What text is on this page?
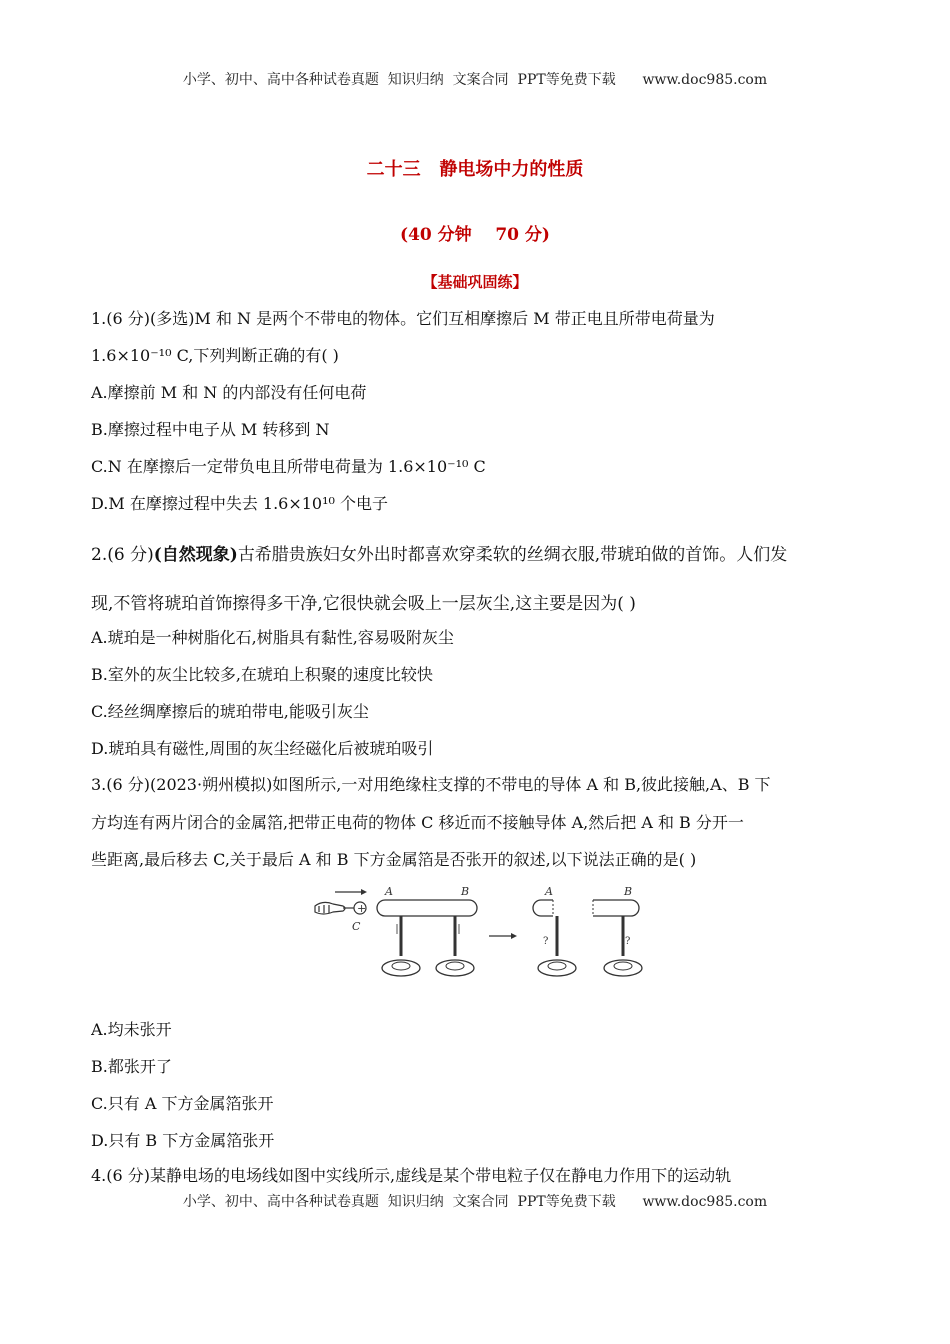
小学、初中、高中各种试卷真题  知识归纳  文案合同  PPT等免费下载      www.doc985.com
二十三   静电场中力的性质
(40 分钟    70 分)
【基础巩固练】
1.(6 分)(多选)M 和 N 是两个不带电的物体。它们互相摩擦后 M 带正电且所带电荷量为
1.6×10⁻¹⁰ C,下列判断正确的有( )
A.摩擦前 M 和 N 的内部没有任何电荷
B.摩擦过程中电子从 M 转移到 N
C.N 在摩擦后一定带负电且所带电荷量为 1.6×10⁻¹⁰ C
D.M 在摩擦过程中失去 1.6×10¹⁰ 个电子
2.(6 分)(自然现象)古希腊贵族妇女外出时都喜欢穿柔软的丝绸衣服,带琥珀做的首饰。人们发
现,不管将琥珀首饰擦得多干净,它很快就会吸上一层灰尘,这主要是因为( )
A.琥珀是一种树脂化石,树脂具有黏性,容易吸附灰尘
B.室外的灰尘比较多,在琥珀上积聚的速度比较快
C.经丝绸摩擦后的琥珀带电,能吸引灰尘
D.琥珀具有磁性,周围的灰尘经磁化后被琥珀吸引
3.(6 分)(2023·朔州模拟)如图所示,一对用绝缘柱支撑的不带电的导体 A 和 B,彼此接触,A、B 下
方均连有两片闭合的金属箔,把带正电荷的物体 C 移近而不接触导体 A,然后把 A 和 B 分开一
些距离,最后移去 C,关于最后 A 和 B 下方金属箔是否张开的叙述,以下说法正确的是( )
+
C
A	B	A	B
?	?
A.均未张开
B.都张开了
C.只有 A 下方金属箔张开
D.只有 B 下方金属箔张开
4.(6 分)某静电场的电场线如图中实线所示,虚线是某个带电粒子仅在静电力作用下的运动轨
小学、初中、高中各种试卷真题  知识归纳  文案合同  PPT等免费下载      www.doc985.com
